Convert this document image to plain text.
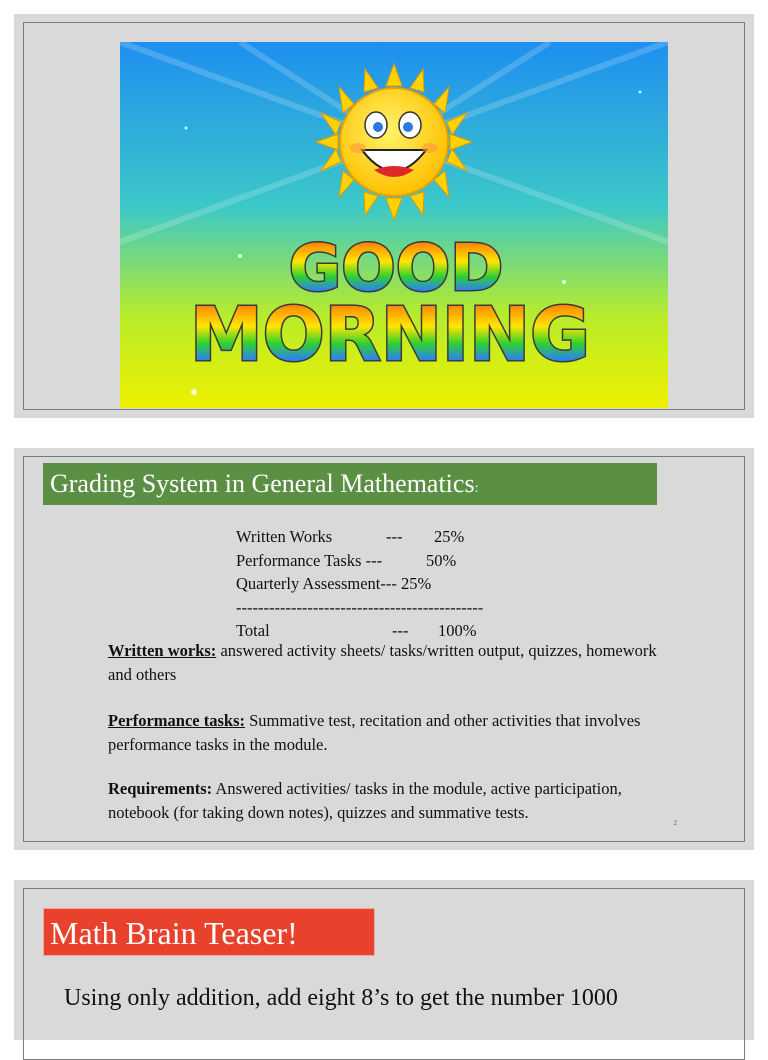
GOOD
MORNING
Grading System in General Mathematics:
Written Works	--- 25%
Performance Tasks ---	50%
Quarterly Assessment--- 25%
---------------------------------------------
Total	--- 100%
Written works: answered activity sheets/ tasks/written output, quizzes, homework and others
Performance tasks: Summative test, recitation and other activities that involves performance tasks in the module.
Requirements: Answered activities/ tasks in the module, active participation, notebook (for taking down notes), quizzes and summative tests.
2
Math Brain Teaser!
Using only addition, add eight 8’s to get the number 1000
